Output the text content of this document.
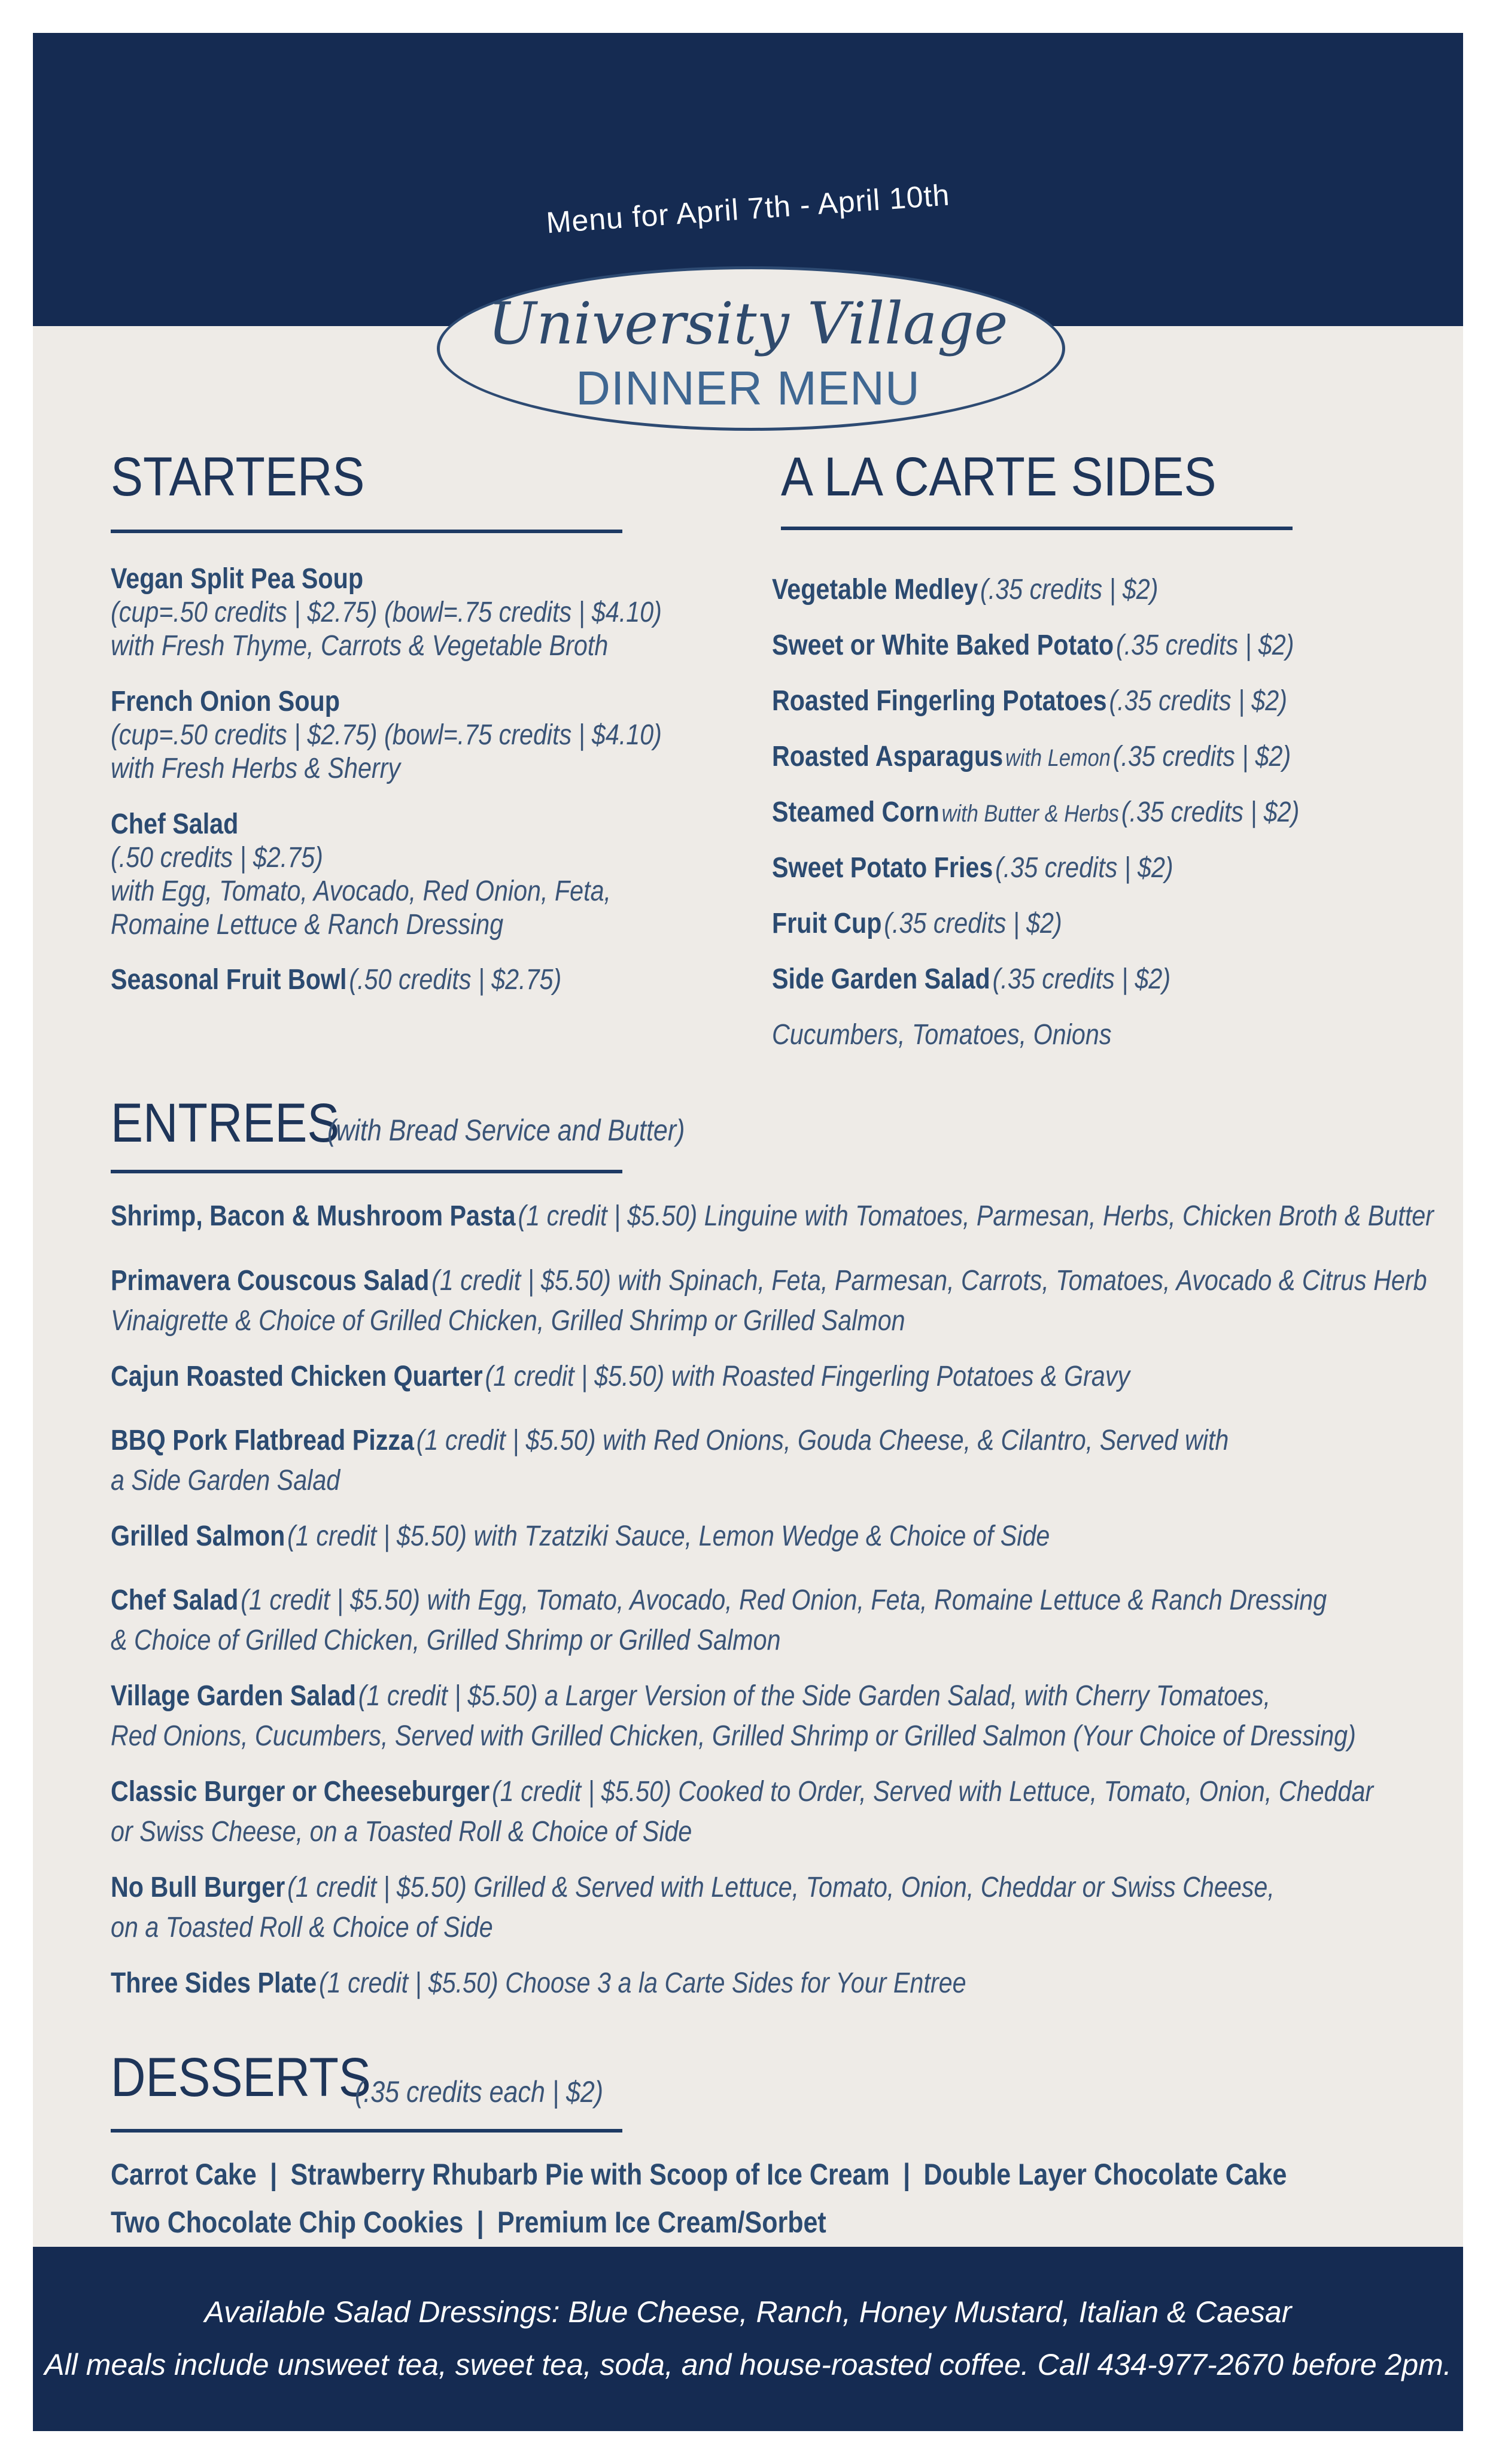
Menu for April 7th - April 10th
University Village
DINNER MENU
STARTERS
Vegan Split Pea Soup
(cup=.50 credits | $2.75) (bowl=.75 credits | $4.10)
with Fresh Thyme, Carrots & Vegetable Broth
French Onion Soup
(cup=.50 credits | $2.75) (bowl=.75 credits | $4.10)
with Fresh Herbs & Sherry
Chef Salad
(.50 credits | $2.75)
with Egg, Tomato, Avocado, Red Onion, Feta,
Romaine Lettuce & Ranch Dressing
Seasonal Fruit Bowl (.50 credits | $2.75)
A LA CARTE SIDES
Vegetable Medley (.35 credits | $2)
Sweet or White Baked Potato (.35 credits | $2)
Roasted Fingerling Potatoes (.35 credits | $2)
Roasted Asparagus with Lemon (.35 credits | $2)
Steamed Corn with Butter & Herbs (.35 credits | $2)
Sweet Potato Fries (.35 credits | $2)
Fruit Cup (.35 credits | $2)
Side Garden Salad (.35 credits | $2)
Cucumbers, Tomatoes, Onions
ENTREES
(with Bread Service and Butter)
Shrimp, Bacon & Mushroom Pasta (1 credit | $5.50) Linguine with Tomatoes, Parmesan, Herbs, Chicken Broth & Butter
Primavera Couscous Salad (1 credit | $5.50) with Spinach, Feta, Parmesan, Carrots, Tomatoes, Avocado & Citrus Herb
Vinaigrette & Choice of Grilled Chicken, Grilled Shrimp or Grilled Salmon
Cajun Roasted Chicken Quarter (1 credit | $5.50) with Roasted Fingerling Potatoes & Gravy
BBQ Pork Flatbread Pizza (1 credit | $5.50) with Red Onions, Gouda Cheese, & Cilantro, Served with
a Side Garden Salad
Grilled Salmon (1 credit | $5.50) with Tzatziki Sauce, Lemon Wedge & Choice of Side
Chef Salad (1 credit | $5.50) with Egg, Tomato, Avocado, Red Onion, Feta, Romaine Lettuce & Ranch Dressing
& Choice of Grilled Chicken, Grilled Shrimp or Grilled Salmon
Village Garden Salad (1 credit | $5.50) a Larger Version of the Side Garden Salad, with Cherry Tomatoes,
Red Onions, Cucumbers, Served with Grilled Chicken, Grilled Shrimp or Grilled Salmon (Your Choice of Dressing)
Classic Burger or Cheeseburger (1 credit | $5.50) Cooked to Order, Served with Lettuce, Tomato, Onion, Cheddar
or Swiss Cheese, on a Toasted Roll & Choice of Side
No Bull Burger (1 credit | $5.50) Grilled & Served with Lettuce, Tomato, Onion, Cheddar or Swiss Cheese,
on a Toasted Roll & Choice of Side
Three Sides Plate (1 credit | $5.50) Choose 3 a la Carte Sides for Your Entree
DESSERTS
(.35 credits each | $2)
Carrot Cake | Strawberry Rhubarb Pie with Scoop of Ice Cream | Double Layer Chocolate Cake
Two Chocolate Chip Cookies | Premium Ice Cream/Sorbet
Available Salad Dressings: Blue Cheese, Ranch, Honey Mustard, Italian & Caesar
All meals include unsweet tea, sweet tea, soda, and house-roasted coffee. Call 434-977-2670 before 2pm.
